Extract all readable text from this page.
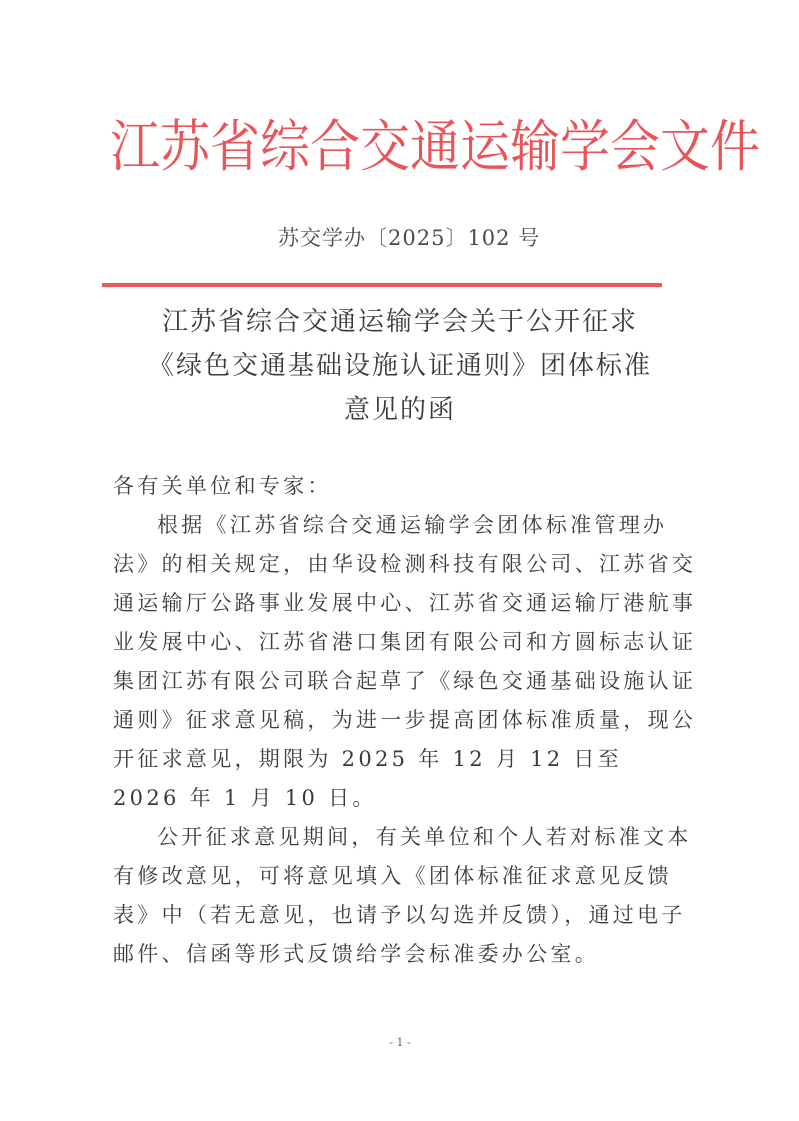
江苏省综合交通运输学会文件
苏交学办〔2025〕102 号
江苏省综合交通运输学会关于公开征求
《绿色交通基础设施认证通则》团体标准
意见的函

各有关单位和专家：

根据《江苏省综合交通运输学会团体标准管理办法》的相关规定，由华设检测科技有限公司、江苏省交通运输厅公路事业发展中心、江苏省交通运输厅港航事业发展中心、江苏省港口集团有限公司和方圆标志认证集团江苏有限公司联合起草了《绿色交通基础设施认证通则》征求意见稿，为进一步提高团体标准质量，现公开征求意见，期限为 2025 年 12 月 12 日至 2026 年 1 月 10 日。

公开征求意见期间，有关单位和个人若对标准文本有修改意见，可将意见填入《团体标准征求意见反馈表》中（若无意见，也请予以勾选并反馈），通过电子邮件、信函等形式反馈给学会标准委办公室。

- 1 -
